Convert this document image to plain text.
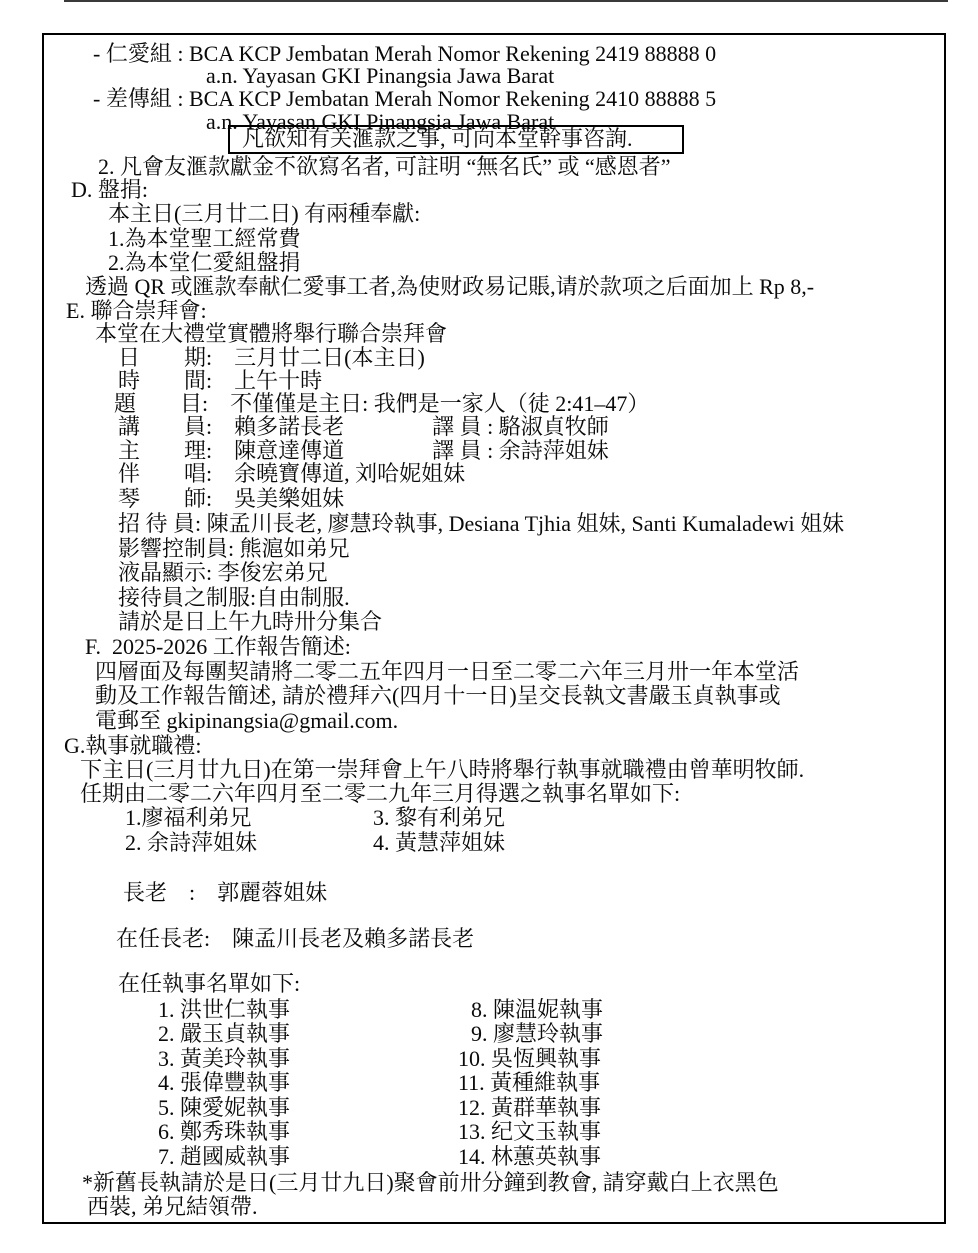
- 仁愛組 : BCA KCP Jembatan Merah Nomor Rekening 2419 88888 0
a.n. Yayasan GKI Pinangsia Jawa Barat
- 差傳組 : BCA KCP Jembatan Merah Nomor Rekening 2410 88888 5
a.n. Yayasan GKI Pinangsia Jawa Barat
凡欲知有关滙款之事, 可向本堂幹事咨詢.
2. 凡會友滙款獻金不欲寫名者, 可註明 “無名氏” 或 “感恩者”
D. 盤捐:
本主日(三月廿二日) 有兩種奉獻:
1.為本堂聖工經常費
2.為本堂仁愛組盤捐
透過 QR 或匯款奉献仁愛事工者,為使财政易记賬,请於款项之后面加上 Rp 8,-
E. 聯合崇拜會:
本堂在大禮堂實體將舉行聯合崇拜會
日　　期:　三月廿二日(本主日)
時　　間:　上午十時
題　　目:　不僅僅是主日: 我們是一家人（徒 2:41–47）
講　　員:　賴多諾長老　　　　譯 員 : 駱淑貞牧師
主　　理:　陳意達傳道　　　　譯 員 : 余詩萍姐妹
伴　　唱:　余曉寶傳道, 刘哈妮姐妹
琴　　師:　吳美樂姐妹
招 待 員: 陳孟川長老, 廖慧玲執事, Desiana Tjhia 姐妹, Santi Kumaladewi 姐妹
影響控制員: 熊滬如弟兄
液晶顯示: 李俊宏弟兄
接待員之制服:自由制服.
請於是日上午九時卅分集合
F.  2025-2026 工作報告簡述:
四層面及每團契請將二零二五年四月一日至二零二六年三月卅一年本堂活
動及工作報告簡述, 請於禮拜六(四月十一日)呈交長執文書嚴玉貞執事或
電郵至 gkipinangsia@gmail.com.
G.執事就職禮:
下主日(三月廿九日)在第一崇拜會上午八時將舉行執事就職禮由曾華明牧師.
任期由二零二六年四月至二零二九年三月得選之執事名單如下:
1.廖福利弟兄	3. 黎有利弟兄
2. 余詩萍姐妹	4. 黃慧萍姐妹
長老　:　郭麗蓉姐妹
在任長老:　陳孟川長老及賴多諾長老
在任執事名單如下:
1. 洪世仁執事	8. 陳温妮執事
2. 嚴玉貞執事	9. 廖慧玲執事
3. 黃美玲執事	10. 吳恆興執事
4. 張偉豐執事	11. 黃種維執事
5. 陳愛妮執事	12. 黃群華執事
6. 鄭秀珠執事	13. 纪文玉執事
7. 趙國威執事	14. 林蕙英執事
*新舊長執請於是日(三月廿九日)聚會前卅分鐘到教會, 請穿戴白上衣黑色
西裝, 弟兄結領帶.
